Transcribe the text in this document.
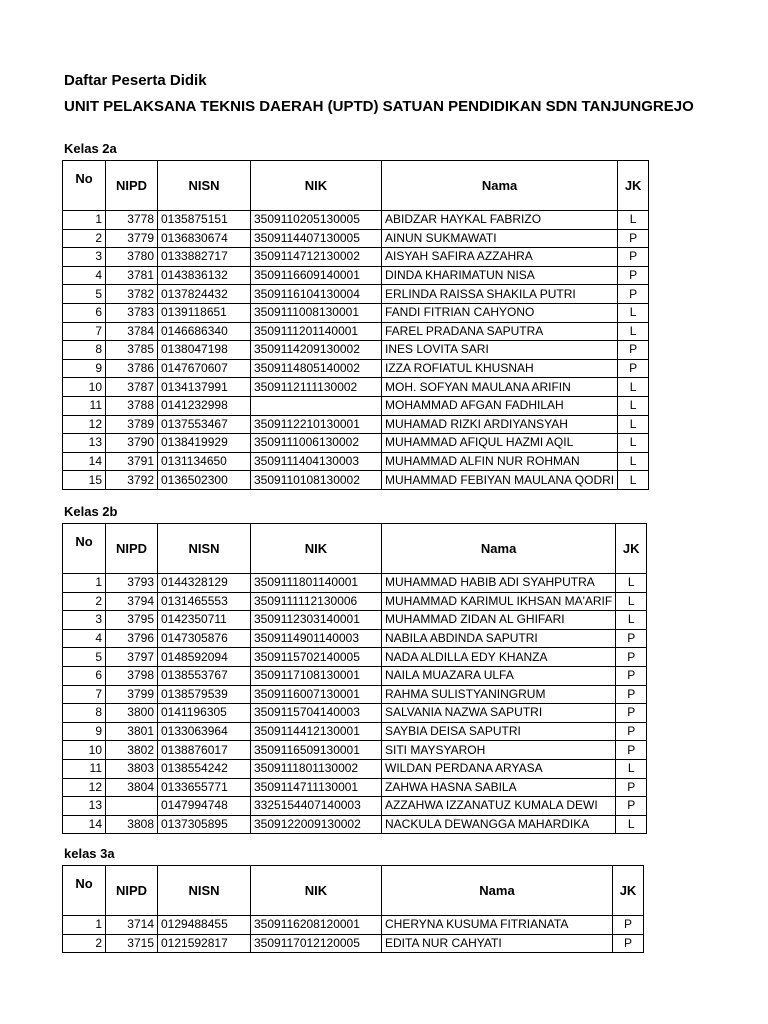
Daftar Peserta Didik
UNIT PELAKSANA TEKNIS DAERAH (UPTD) SATUAN PENDIDIKAN SDN TANJUNGREJO
Kelas 2a
No	NIPD	NISN	NIK	Nama	JK
1	3778	0135875151	3509110205130005	ABIDZAR HAYKAL FABRIZO	L
2	3779	0136830674	3509114407130005	AINUN SUKMAWATI	P
3	3780	0133882717	3509114712130002	AISYAH SAFIRA AZZAHRA	P
4	3781	0143836132	3509116609140001	DINDA KHARIMATUN NISA	P
5	3782	0137824432	3509116104130004	ERLINDA RAISSA SHAKILA PUTRI	P
6	3783	0139118651	3509111008130001	FANDI FITRIAN CAHYONO	L
7	3784	0146686340	3509111201140001	FAREL PRADANA SAPUTRA	L
8	3785	0138047198	3509114209130002	INES LOVITA SARI	P
9	3786	0147670607	3509114805140002	IZZA ROFIATUL KHUSNAH	P
10	3787	0134137991	3509112111130002	MOH. SOFYAN MAULANA ARIFIN	L
11	3788	0141232998		MOHAMMAD AFGAN FADHILAH	L
12	3789	0137553467	3509112210130001	MUHAMAD RIZKI ARDIYANSYAH	L
13	3790	0138419929	3509111006130002	MUHAMMAD AFIQUL HAZMI AQIL	L
14	3791	0131134650	3509111404130003	MUHAMMAD ALFIN NUR ROHMAN	L
15	3792	0136502300	3509110108130002	MUHAMMAD FEBIYAN MAULANA QODRI	L
Kelas 2b
No	NIPD	NISN	NIK	Nama	JK
1	3793	0144328129	3509111801140001	MUHAMMAD HABIB ADI SYAHPUTRA	L
2	3794	0131465553	3509111112130006	MUHAMMAD KARIMUL IKHSAN MA'ARIF	L
3	3795	0142350711	3509112303140001	MUHAMMAD ZIDAN AL GHIFARI	L
4	3796	0147305876	3509114901140003	NABILA ABDINDA SAPUTRI	P
5	3797	0148592094	3509115702140005	NADA ALDILLA EDY KHANZA	P
6	3798	0138553767	3509117108130001	NAILA MUAZARA ULFA	P
7	3799	0138579539	3509116007130001	RAHMA SULISTYANINGRUM	P
8	3800	0141196305	3509115704140003	SALVANIA NAZWA SAPUTRI	P
9	3801	0133063964	3509114412130001	SAYBIA DEISA SAPUTRI	P
10	3802	0138876017	3509116509130001	SITI MAYSYAROH	P
11	3803	0138554242	3509111801130002	WILDAN PERDANA ARYASA	L
12	3804	0133655771	3509114711130001	ZAHWA HASNA SABILA	P
13		0147994748	3325154407140003	AZZAHWA IZZANATUZ KUMALA DEWI	P
14	3808	0137305895	3509122009130002	NACKULA DEWANGGA MAHARDIKA	L
kelas 3a
No	NIPD	NISN	NIK	Nama	JK
1	3714	0129488455	3509116208120001	CHERYNA KUSUMA FITRIANATA	P
2	3715	0121592817	3509117012120005	EDITA NUR CAHYATI	P
